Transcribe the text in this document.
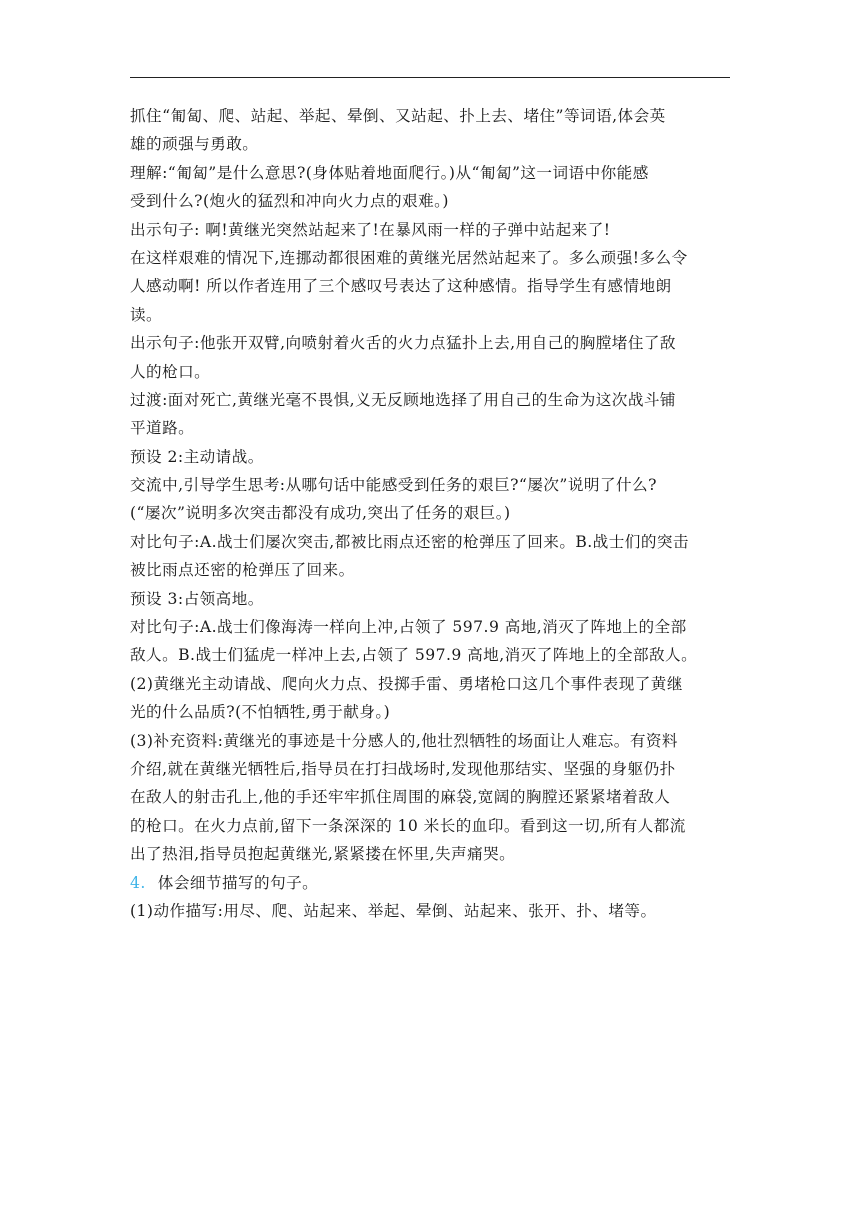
抓住“匍匐、爬、站起、举起、晕倒、又站起、扑上去、堵住”等词语,体会英
雄的顽强与勇敢。
理解:“匍匐”是什么意思?(身体贴着地面爬行。)从“匍匐”这一词语中你能感
受到什么?(炮火的猛烈和冲向火力点的艰难。)
出示句子: 啊!黄继光突然站起来了!在暴风雨一样的子弹中站起来了!
在这样艰难的情况下,连挪动都很困难的黄继光居然站起来了。多么顽强!多么令
人感动啊! 所以作者连用了三个感叹号表达了这种感情。指导学生有感情地朗
读。
出示句子:他张开双臂,向喷射着火舌的火力点猛扑上去,用自己的胸膛堵住了敌
人的枪口。
过渡:面对死亡,黄继光毫不畏惧,义无反顾地选择了用自己的生命为这次战斗铺
平道路。
预设 2:主动请战。
交流中,引导学生思考:从哪句话中能感受到任务的艰巨?“屡次”说明了什么?
(“屡次”说明多次突击都没有成功,突出了任务的艰巨。)
对比句子:A.战士们屡次突击,都被比雨点还密的枪弹压了回来。B.战士们的突击
被比雨点还密的枪弹压了回来。
预设 3:占领高地。
对比句子:A.战士们像海涛一样向上冲,占领了 597.9 高地,消灭了阵地上的全部
敌人。B.战士们猛虎一样冲上去,占领了 597.9 高地,消灭了阵地上的全部敌人。
(2)黄继光主动请战、爬向火力点、投掷手雷、勇堵枪口这几个事件表现了黄继
光的什么品质?(不怕牺牲,勇于献身。)
(3)补充资料:黄继光的事迹是十分感人的,他壮烈牺牲的场面让人难忘。有资料
介绍,就在黄继光牺牲后,指导员在打扫战场时,发现他那结实、坚强的身躯仍扑
在敌人的射击孔上,他的手还牢牢抓住周围的麻袋,宽阔的胸膛还紧紧堵着敌人
的枪口。在火力点前,留下一条深深的 10 米长的血印。看到这一切,所有人都流
出了热泪,指导员抱起黄继光,紧紧搂在怀里,失声痛哭。
4. 体会细节描写的句子。
(1)动作描写:用尽、爬、站起来、举起、晕倒、站起来、张开、扑、堵等。
